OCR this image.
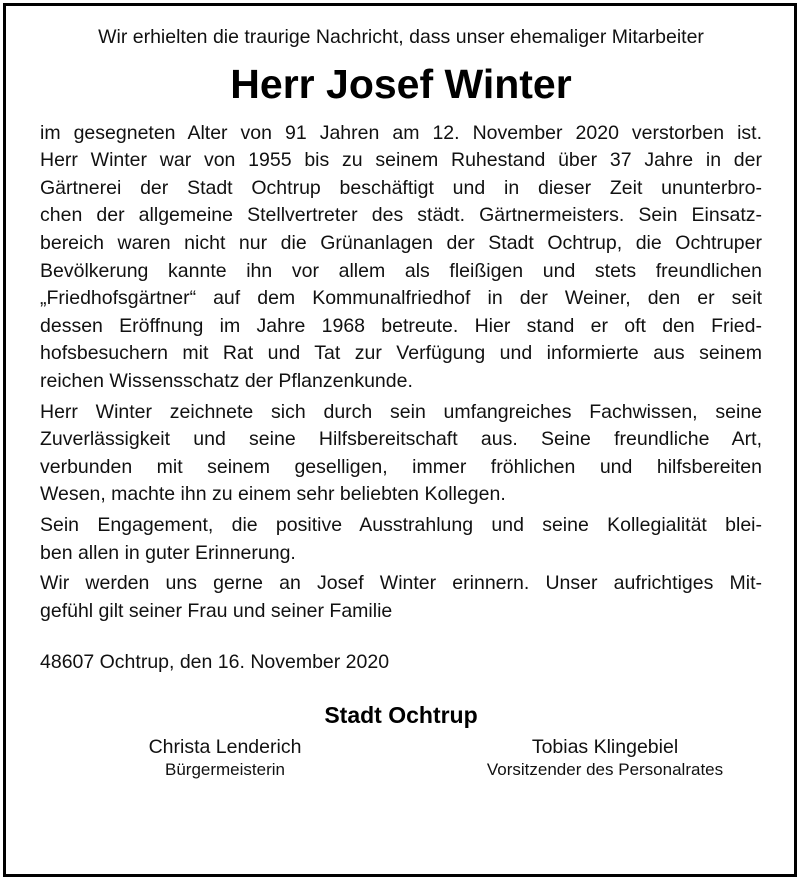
Wir erhielten die traurige Nachricht, dass unser ehemaliger Mitarbeiter

Herr Josef Winter
im gesegneten Alter von 91 Jahren am 12. November 2020 verstorben ist.
Herr Winter war von 1955 bis zu seinem Ruhestand über 37 Jahre in der
Gärtnerei der Stadt Ochtrup beschäftigt und in dieser Zeit ununterbro-
chen der allgemeine Stellvertreter des städt. Gärtnermeisters. Sein Einsatz-
bereich waren nicht nur die Grünanlagen der Stadt Ochtrup, die Ochtruper
Bevölkerung kannte ihn vor allem als fleißigen und stets freundlichen
„Friedhofsgärtner“ auf dem Kommunalfriedhof in der Weiner, den er seit
dessen Eröffnung im Jahre 1968 betreute. Hier stand er oft den Fried-
hofsbesuchern mit Rat und Tat zur Verfügung und informierte aus seinem
reichen Wissensschatz der Pflanzenkunde.
Herr Winter zeichnete sich durch sein umfangreiches Fachwissen, seine
Zuverlässigkeit und seine Hilfsbereitschaft aus. Seine freundliche Art,
verbunden mit seinem geselligen, immer fröhlichen und hilfsbereiten
Wesen, machte ihn zu einem sehr beliebten Kollegen.
Sein Engagement, die positive Ausstrahlung und seine Kollegialität blei-
ben allen in guter Erinnerung.
Wir werden uns gerne an Josef Winter erinnern. Unser aufrichtiges Mit-
gefühl gilt seiner Frau und seiner Familie

48607 Ochtrup, den 16. November 2020

Stadt Ochtrup
Christa Lenderich
Bürgermeisterin
Tobias Klingebiel
Vorsitzender des Personalrates
